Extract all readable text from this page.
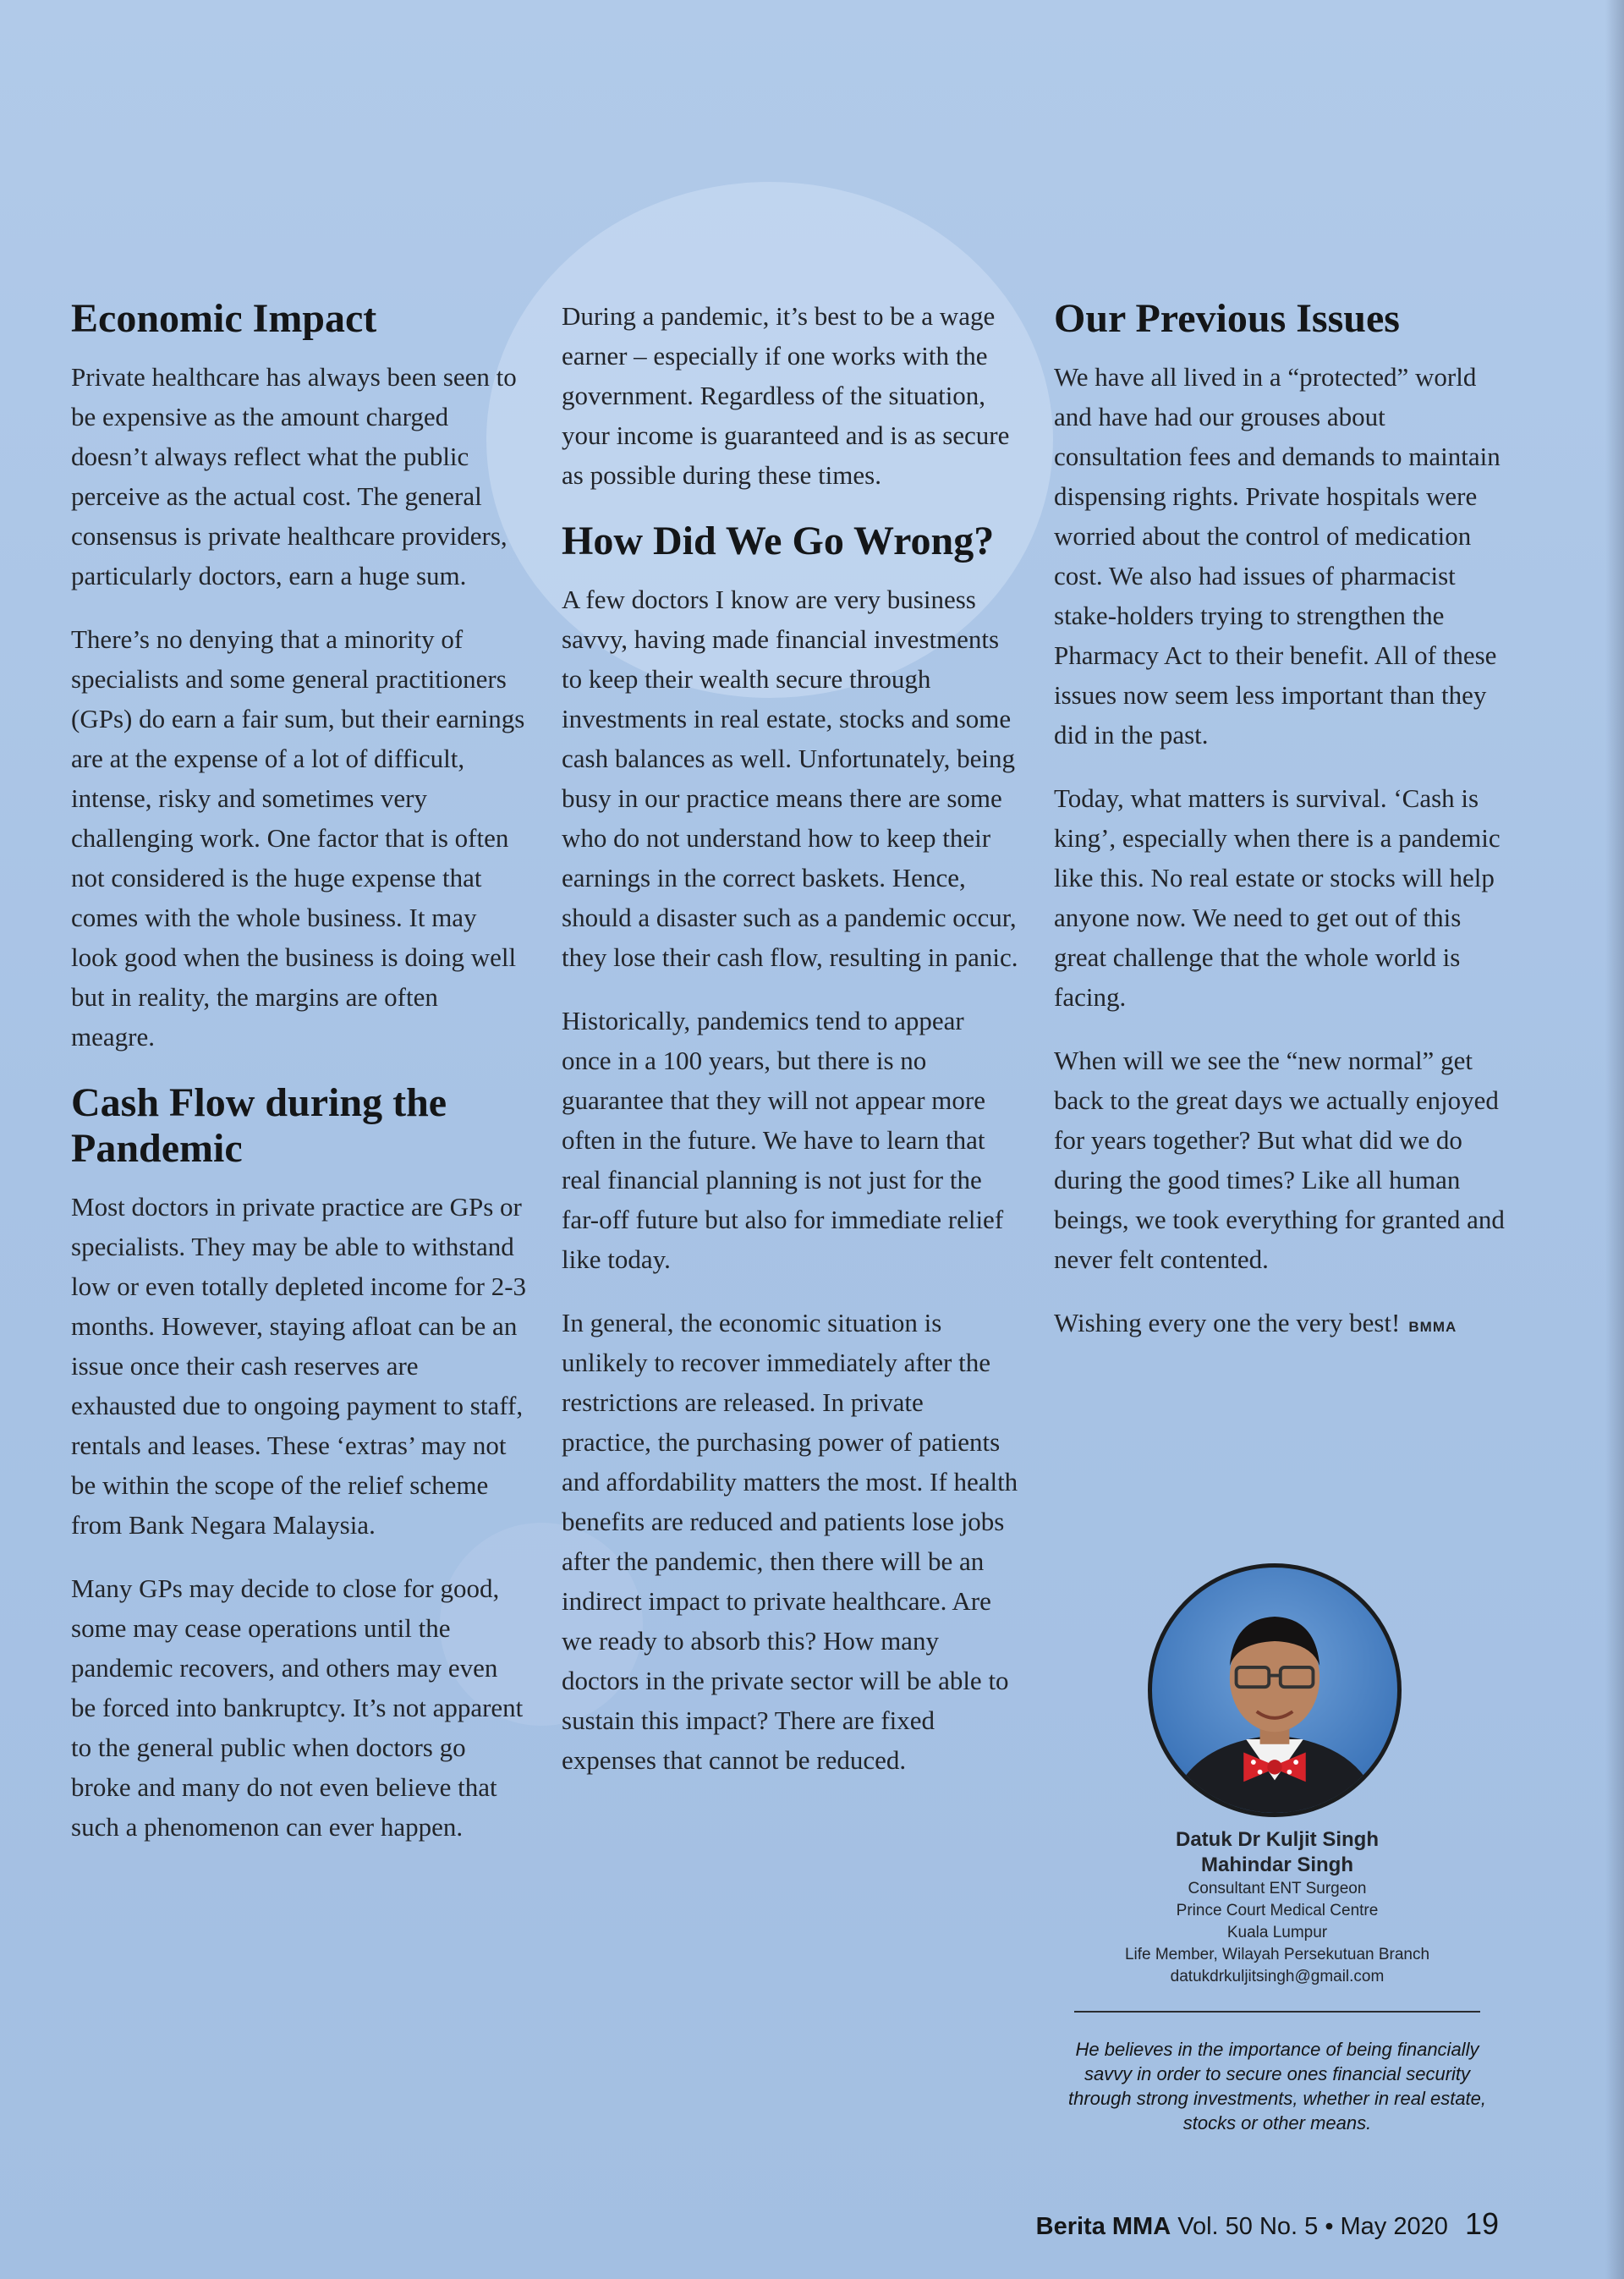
Economic Impact

Private healthcare has always been seen to be expensive as the amount charged doesn’t always reflect what the public perceive as the actual cost. The general consensus is private healthcare providers, particularly doctors, earn a huge sum.

There’s no denying that a minority of specialists and some general practitioners (GPs) do earn a fair sum, but their earnings are at the expense of a lot of difficult, intense, risky and sometimes very challenging work. One factor that is often not considered is the huge expense that comes with the whole business. It may look good when the business is doing well but in reality, the margins are often meagre.

Cash Flow during the Pandemic

Most doctors in private practice are GPs or specialists. They may be able to withstand low or even totally depleted income for 2-3 months. However, staying afloat can be an issue once their cash reserves are exhausted due to ongoing payment to staff, rentals and leases. These ‘extras’ may not be within the scope of the relief scheme from Bank Negara Malaysia.

Many GPs may decide to close for good, some may cease operations until the pandemic recovers, and others may even be forced into bankruptcy. It’s not apparent to the general public when doctors go broke and many do not even believe that such a phenomenon can ever happen.

During a pandemic, it’s best to be a wage earner – especially if one works with the government. Regardless of the situation, your income is guaranteed and is as secure as possible during these times.

How Did We Go Wrong?

A few doctors I know are very business savvy, having made financial investments to keep their wealth secure through investments in real estate, stocks and some cash balances as well. Unfortunately, being busy in our practice means there are some who do not understand how to keep their earnings in the correct baskets. Hence, should a disaster such as a pandemic occur, they lose their cash flow, resulting in panic.

Historically, pandemics tend to appear once in a 100 years, but there is no guarantee that they will not appear more often in the future. We have to learn that real financial planning is not just for the far-off future but also for immediate relief like today.

In general, the economic situation is unlikely to recover immediately after the restrictions are released. In private practice, the purchasing power of patients and affordability matters the most. If health benefits are reduced and patients lose jobs after the pandemic, then there will be an indirect impact to private healthcare. Are we ready to absorb this? How many doctors in the private sector will be able to sustain this impact? There are fixed expenses that cannot be reduced.

Our Previous Issues

We have all lived in a “protected” world and have had our grouses about consultation fees and demands to maintain dispensing rights. Private hospitals were worried about the control of medication cost. We also had issues of pharmacist stake-holders trying to strengthen the Pharmacy Act to their benefit. All of these issues now seem less important than they did in the past.

Today, what matters is survival. ‘Cash is king’, especially when there is a pandemic like this. No real estate or stocks will help anyone now. We need to get out of this great challenge that the whole world is facing.

When will we see the “new normal” get back to the great days we actually enjoyed for years together? But what did we do during the good times? Like all human beings, we took everything for granted and never felt contented.

Wishing every one the very best! BMMA

Datuk Dr Kuljit Singh

Mahindar Singh

Consultant ENT Surgeon

Prince Court Medical Centre

Kuala Lumpur

Life Member, Wilayah Persekutuan Branch

datukdrkuljitsingh@gmail.com

He believes in the importance of being financially savvy in order to secure ones financial security through strong investments, whether in real estate, stocks or other means.

Berita MMA Vol. 50 No. 5 • May 2020 19
